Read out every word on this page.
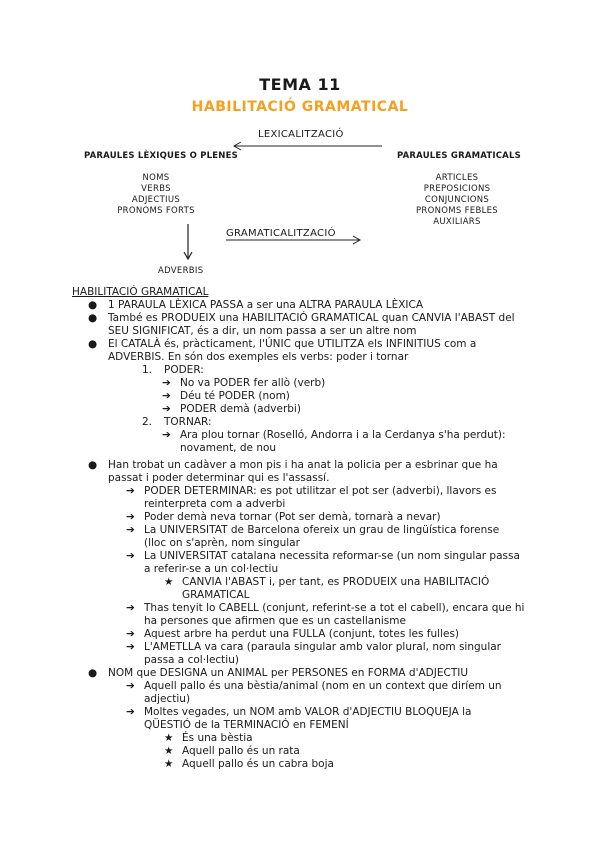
TEMA 11
HABILITACIÓ GRAMATICAL
LEXICALITZACIÓ
PARAULES LÈXIQUES O PLENES	PARAULES GRAMATICALS
NOMS
VERBS
ADJECTIUS
PRONOMS FORTS
ARTICLES
PREPOSICIONS
CONJUNCIONS
PRONOMS FEBLES
AUXILIARS
GRAMATICALITZACIÓ
ADVERBIS
HABILITACIÓ GRAMATICAL
● 1 PARAULA LÈXICA PASSA a ser una ALTRA PARAULA LÈXICA
● També es PRODUEIX una HABILITACIÓ GRAMATICAL quan CANVIA l'ABAST del
SEU SIGNIFICAT, és a dir, un nom passa a ser un altre nom
● El CATALÀ és, pràcticament, l'ÚNIC que UTILITZA els INFINITIUS com a
ADVERBIS. En són dos exemples els verbs: poder i tornar
1. PODER:
➔ No va PODER fer allò (verb)
➔ Déu té PODER (nom)
➔ PODER demà (adverbi)
2. TORNAR:
➔ Ara plou tornar (Roselló, Andorra i a la Cerdanya s'ha perdut):
novament, de nou
● Han trobat un cadàver a mon pis i ha anat la policia per a esbrinar que ha
passat i poder determinar qui es l'assassí.
➔ PODER DETERMINAR: es pot utilitzar el pot ser (adverbi), llavors es
reinterpreta com a adverbi
➔ Poder demà neva tornar (Pot ser demà, tornarà a nevar)
➔ La UNIVERSITAT de Barcelona ofereix un grau de lingüística forense
(lloc on s'aprèn, nom singular
➔ La UNIVERSITAT catalana necessita reformar-se (un nom singular passa
a referir-se a un col·lectiu
★ CANVIA l'ABAST i, per tant, es PRODUEIX una HABILITACIÓ
GRAMATICAL
➔ Thas tenyit lo CABELL (conjunt, referint-se a tot el cabell), encara que hi
ha persones que afirmen que es un castellanisme
➔ Aquest arbre ha perdut una FULLA (conjunt, totes les fulles)
➔ L'AMETLLA va cara (paraula singular amb valor plural, nom singular
passa a col·lectiu)
● NOM que DESIGNA un ANIMAL per PERSONES en FORMA d'ADJECTIU
➔ Aquell pallo és una bèstia/animal (nom en un context que diríem un
adjectiu)
➔ Moltes vegades, un NOM amb VALOR d'ADJECTIU BLOQUEJA la
QÜESTIÓ de la TERMINACIÓ en FEMENÍ
★ És una bèstia
★ Aquell pallo és un rata
★ Aquell pallo és un cabra boja
